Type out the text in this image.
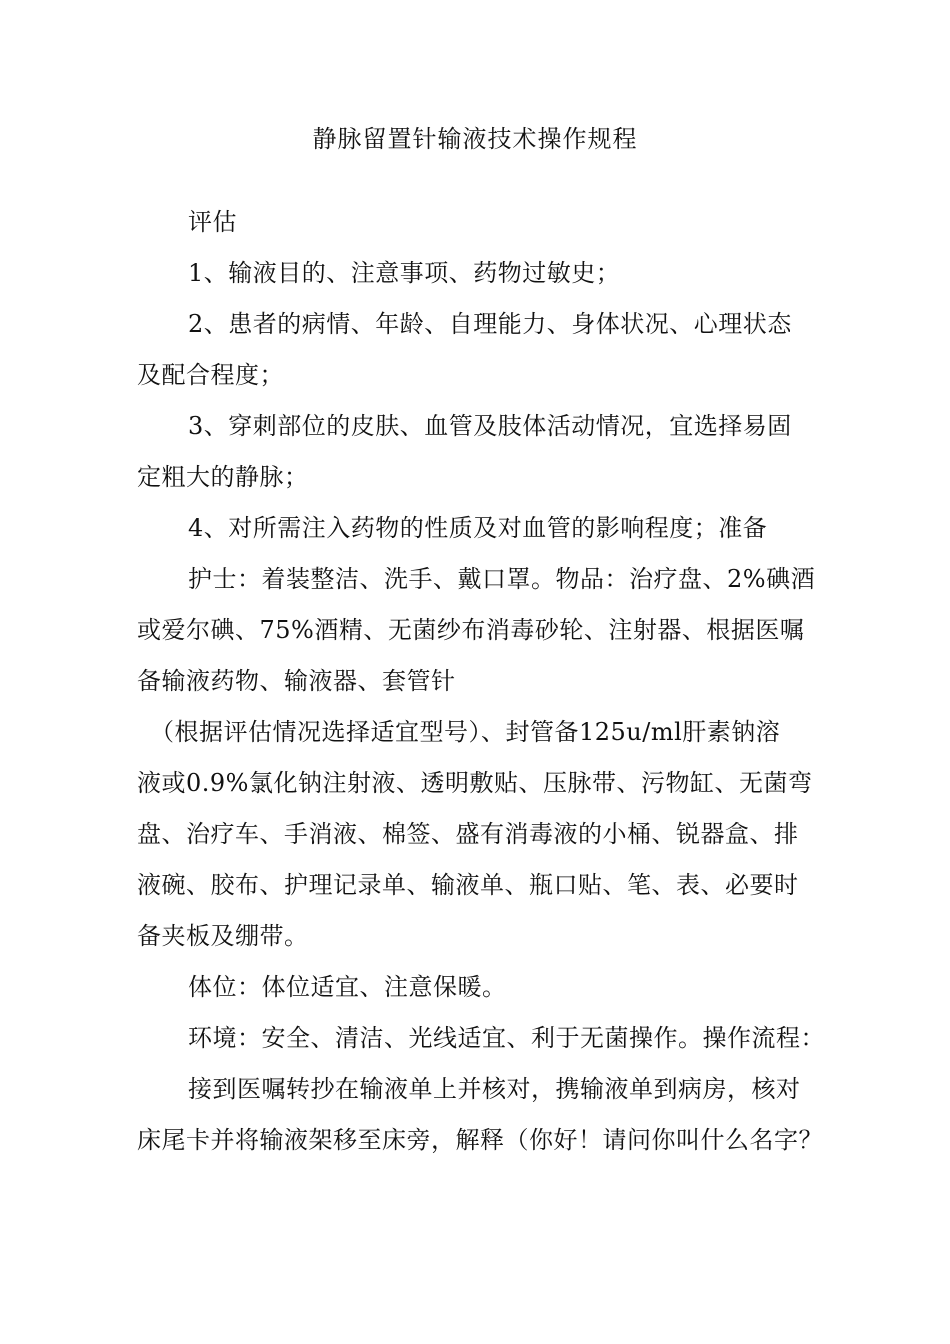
静脉留置针输液技术操作规程
评估
1、输液目的、注意事项、药物过敏史；
2、患者的病情、年龄、自理能力、身体状况、心理状态
及配合程度；
3、穿刺部位的皮肤、血管及肢体活动情况，宜选择易固
定粗大的静脉；
4、对所需注入药物的性质及对血管的影响程度；准备
护士：着装整洁、洗手、戴口罩。物品：治疗盘、2%碘酒
或爱尔碘、75%酒精、无菌纱布消毒砂轮、注射器、根据医嘱
备输液药物、输液器、套管针
（根据评估情况选择适宜型号）、封管备125u/ml肝素钠溶
液或0.9%氯化钠注射液、透明敷贴、压脉带、污物缸、无菌弯
盘、治疗车、手消液、棉签、盛有消毒液的小桶、锐器盒、排
液碗、胶布、护理记录单、输液单、瓶口贴、笔、表、必要时
备夹板及绷带。
体位：体位适宜、注意保暖。
环境：安全、清洁、光线适宜、利于无菌操作。操作流程：
接到医嘱转抄在输液单上并核对，携输液单到病房，核对
床尾卡并将输液架移至床旁，解释（你好！请问你叫什么名字？
